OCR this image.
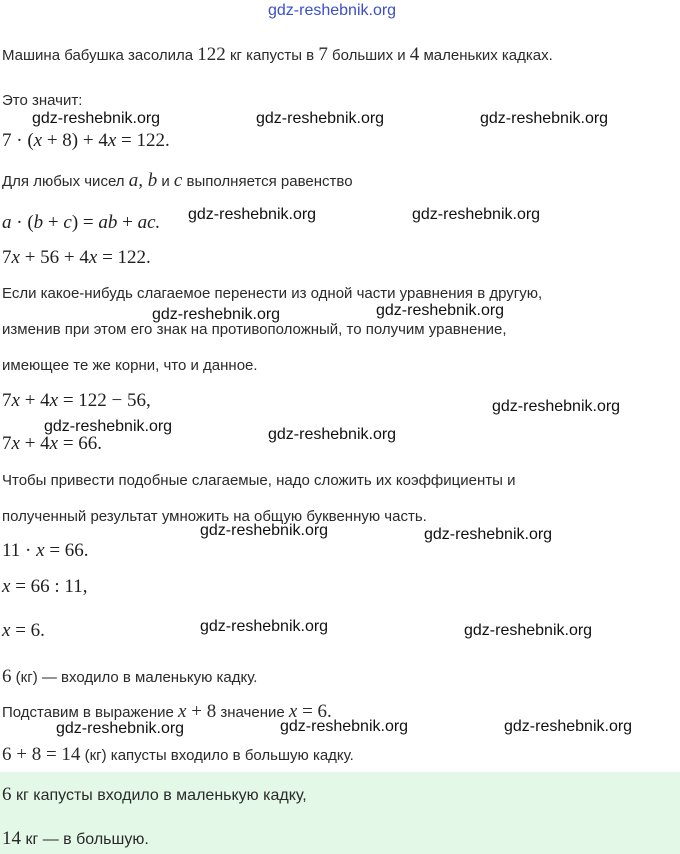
gdz-reshebnik.org
Машина бабушка засолила 122 кг капусты в 7 больших и 4 маленьких кадках.
Это значит:
7 · (x + 8) + 4x = 122.
Для любых чисел a, b и c выполняется равенство
a · (b + c) = ab + ac.
7x + 56 + 4x = 122.
Если какое-нибудь слагаемое перенести из одной части уравнения в другую,
изменив при этом его знак на противоположный, то получим уравнение,
имеющее те же корни, что и данное.
7x + 4x = 122 − 56,
7x + 4x = 66.
Чтобы привести подобные слагаемые, надо сложить их коэффициенты и
полученный результат умножить на общую буквенную часть.
11 · x = 66.
x = 66 : 11,
x = 6.
6 (кг) — входило в маленькую кадку.
Подставим в выражение x + 8 значение x = 6.
6 + 8 = 14 (кг) капусты входило в большую кадку.
6 кг капусты входило в маленькую кадку,
14 кг — в большую.
gdz-reshebnik.org	gdz-reshebnik.org	gdz-reshebnik.org
gdz-reshebnik.org	gdz-reshebnik.org
gdz-reshebnik.org	gdz-reshebnik.org
gdz-reshebnik.org
gdz-reshebnik.org	gdz-reshebnik.org
gdz-reshebnik.org	gdz-reshebnik.org
gdz-reshebnik.org	gdz-reshebnik.org
gdz-reshebnik.org	gdz-reshebnik.org	gdz-reshebnik.org
